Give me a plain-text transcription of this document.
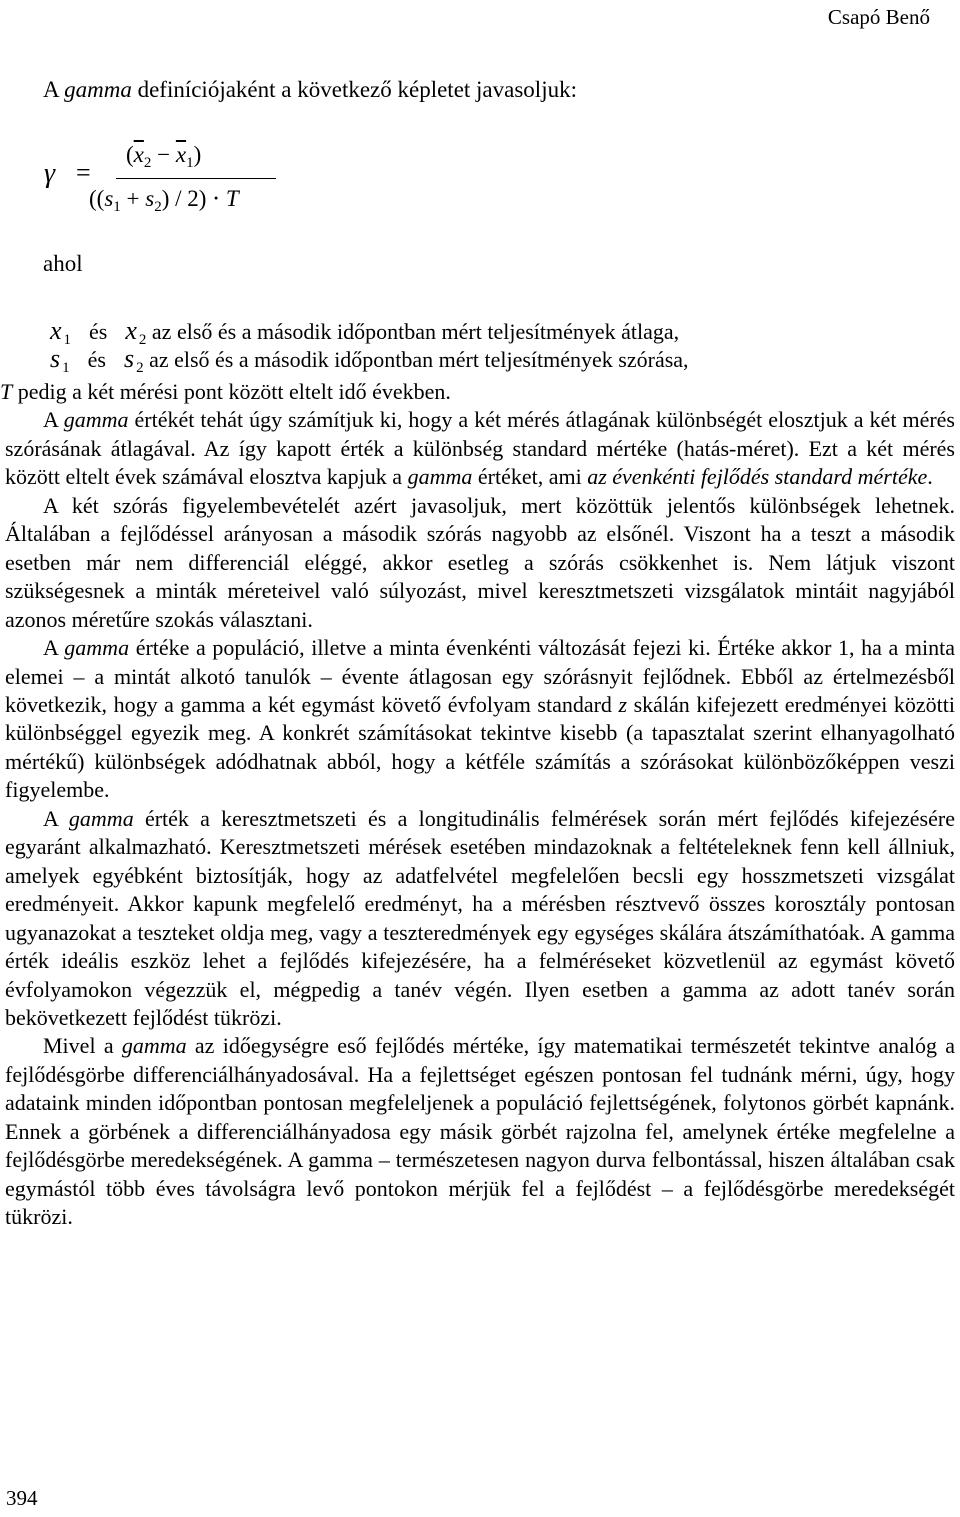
Csapó Benő
A gamma definíciójaként a következő képletet javasoljuk:
γ =
$(\overline{x}_2 - \overline{x}_1)$
$((s_1 + s_2) / 2) \cdot T$
ahol
x $_1$ és x $_2$ az első és a második időpontban mért teljesítmények átlaga,
s $_1$ és s $_2$ az első és a második időpontban mért teljesítmények szórása,

T pedig a két mérési pont között eltelt idő években.

A gamma értékét tehát úgy számítjuk ki, hogy a két mérés átlagának különbségét elosztjuk a két mérés szórásának átlagával. Az így kapott érték a különbség standard mértéke (hatás-méret). Ezt a két mérés között eltelt évek számával elosztva kapjuk a gamma értéket, ami az évenkénti fejlődés standard mértéke.

A két szórás figyelembevételét azért javasoljuk, mert közöttük jelentős különbségek lehetnek. Általában a fejlődéssel arányosan a második szórás nagyobb az elsőnél. Viszont ha a teszt a második esetben már nem differenciál eléggé, akkor esetleg a szórás csökkenhet is. Nem látjuk viszont szükségesnek a minták méreteivel való súlyozást, mivel keresztmetszeti vizsgálatok mintáit nagyjából azonos méretűre szokás választani.

A gamma értéke a populáció, illetve a minta évenkénti változását fejezi ki. Értéke akkor 1, ha a minta elemei – a mintát alkotó tanulók – évente átlagosan egy szórásnyit fejlődnek. Ebből az értelmezésből következik, hogy a gamma a két egymást követő évfolyam standard z skálán kifejezett eredményei közötti különbséggel egyezik meg. A konkrét számításokat tekintve kisebb (a tapasztalat szerint elhanyagolható mértékű) különbségek adódhatnak abból, hogy a kétféle számítás a szórásokat különbözőképpen veszi figyelembe.

A gamma érték a keresztmetszeti és a longitudinális felmérések során mért fejlődés kifejezésére egyaránt alkalmazható. Keresztmetszeti mérések esetében mindazoknak a feltételeknek fenn kell állniuk, amelyek egyébként biztosítják, hogy az adatfelvétel megfelelően becsli egy hosszmetszeti vizsgálat eredményeit. Akkor kapunk megfelelő eredményt, ha a mérésben résztvevő összes korosztály pontosan ugyanazokat a teszteket oldja meg, vagy a teszteredmények egy egységes skálára átszámíthatóak. A gamma érték ideális eszköz lehet a fejlődés kifejezésére, ha a felméréseket közvetlenül az egymást követő évfolyamokon végezzük el, mégpedig a tanév végén. Ilyen esetben a gamma az adott tanév során bekövetkezett fejlődést tükrözi.

Mivel a gamma az időegységre eső fejlődés mértéke, így matematikai természetét tekintve analóg a fejlődésgörbe differenciálhányadosával. Ha a fejlettséget egészen pontosan fel tudnánk mérni, úgy, hogy adataink minden időpontban pontosan megfeleljenek a populáció fejlettségének, folytonos görbét kapnánk. Ennek a görbének a differenciálhányadosa egy másik görbét rajzolna fel, amelynek értéke megfelelne a fejlődésgörbe meredekségének. A gamma – természetesen nagyon durva felbontással, hiszen általában csak egymástól több éves távolságra levő pontokon mérjük fel a fejlődést – a fejlődésgörbe meredekségét tükrözi.

394
